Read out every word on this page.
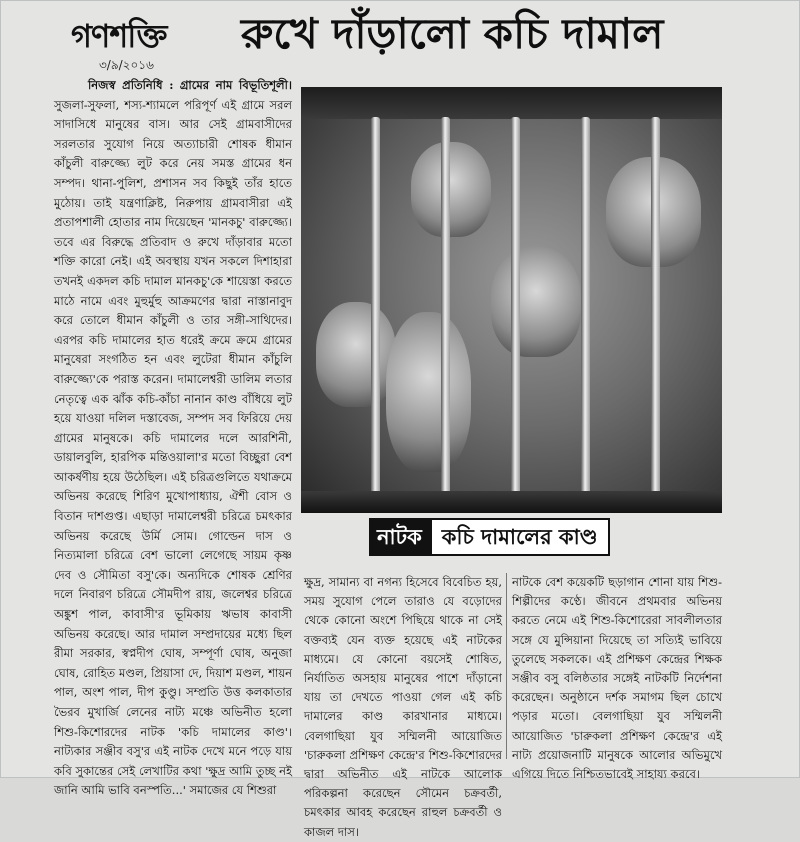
গণশক্তি
৩/৯/২০১৬
রুখে দাঁড়ালো কচি দামাল
নিজস্ব প্রতিনিধি : গ্রামের নাম বিভূতিশূলী। সুজলা-সুফলা, শস্য-শ্যামলে পরিপূর্ণ এই গ্রামে সরল সাদাসিধে মানুষের বাস। আর সেই গ্রামবাসীদের সরলতার সুযোগ নিয়ে অত্যাচারী শোষক ধীমান কাঁচুলী বারুজ্জ্যে লুট করে নেয় সমস্ত গ্রামের ধন সম্পদ। থানা-পুলিশ, প্রশাসন সব কিছুই তাঁর হাতে মুঠোয়। তাই যন্ত্রণাক্লিষ্ট, নিরুপায় গ্রামবাসীরা এই প্রতাপশালী হোতার নাম দিয়েছেন 'মানকচু' বারুজ্জ্যে। তবে এর বিরুদ্ধে প্রতিবাদ ও রুখে দাঁড়াবার মতো শক্তি কারো নেই। এই অবস্থায় যখন সকলে দিশাহারা তখনই একদল কচি দামাল মানকচু'কে শায়েস্তা করতে মাঠে নামে এবং মুহুর্মুহু আক্রমণের দ্বারা নাস্তানাবুদ করে তোলে ধীমান কাঁচুলী ও তার সঙ্গী-সাথিদের। এরপর কচি দামালের হাত ধরেই ক্রমে ক্রমে গ্রামের মানুষেরা সংগঠিত হন এবং লুটেরা ধীমান কাঁচুলি বারুজ্জ্যে'কে পরাস্ত করেন। দামালেশ্বরী ডালিম লতার নেতৃত্বে এক ঝাঁক কচি-কাঁচা নানান কাণ্ড বাঁধিয়ে লুট হয়ে যাওয়া দলিল দস্তাবেজ, সম্পদ সব ফিরিয়ে দেয় গ্রামের মানুষকে। কচি দামালের দলে আরশিনী, ডায়ালবুলি, হারপিক মন্তিওয়ালা'র মতো বিচ্ছুরা বেশ আকর্ষণীয় হয়ে উঠেছিল। এই চরিত্রগুলিতে যথাক্রমে অভিনয় করেছে শিরিণ মুখোপাধ্যায়, ঐশী বোস ও বিতান দাশগুপ্ত। এছাড়া দামালেশ্বরী চরিত্রে চমৎকার অভিনয় করেছে উর্মি সোম। গোল্ডেন দাস ও নিত্যমালা চরিত্রে বেশ ভালো লেগেছে সায়ম কৃষ্ণ দেব ও সৌমিতা বসু'কে। অন্যদিকে শোষক শ্রেণির দলে নিবারণ চরিত্রে সৌমদীপ রায়, জলেশ্বর চরিত্রে অঙ্কুশ পাল, কাবাসী'র ভূমিকায় ঋভাষ কাবাসী অভিনয় করেছে। আর দামাল সম্প্রদায়ের মধ্যে ছিল রীমা সরকার, স্বপ্নদীপ ঘোষ, সম্পূর্ণা ঘোষ, অনুজা ঘোষ, রোহিত মণ্ডল, প্রিয়াসা দে, দিয়াশ মণ্ডল, শায়ন পাল, অংশ পাল, দীপ কুণ্ডু। সম্প্রতি উত্ত কলকাতার ভৈরব মুখার্জি লেনের নাট্য মঞ্চে অভিনীত হলো শিশু-কিশোরদের নাটক 'কচি দামালের কাণ্ড'। নাট্যকার সঞ্জীব বসু'র এই নাটক দেখে মনে পড়ে যায় কবি সুকান্তের সেই লেখাটির কথা 'ক্ষুদ্র আমি তুচ্ছ নই জানি আমি ভাবি বনস্পতি...' সমাজের যে শিশুরা
নাটক কচি দামালের কাণ্ড
ক্ষুদ্র, সামান্য বা নগন্য হিসেবে বিবেচিত হয়, সময় সুযোগ পেলে তারাও যে বড়োদের থেকে কোনো অংশে পিছিয়ে থাকে না সেই বক্তব্যই যেন ব্যক্ত হয়েছে এই নাটকের মাধ্যমে। যে কোনো বয়সেই শোষিত, নির্যাতিত অসহায় মানুষের পাশে দাঁড়ানো যায় তা দেখতে পাওয়া গেল এই কচি দামালের কাণ্ড কারখানার মাধ্যমে। বেলগাছিয়া যুব সম্মিলনী আয়োজিত 'চারুকলা প্রশিক্ষণ কেন্দ্রে'র শিশু-কিশোরদের দ্বারা অভিনীত এই নাটকে আলোক পরিকল্পনা করেছেন সৌমেন চক্রবর্তী, চমৎকার আবহ করেছেন রাহুল চক্রবর্তী ও কাজল দাস।
নাটকে বেশ কয়েকটি ছড়াগান শোনা যায় শিশু-শিল্পীদের কণ্ঠে। জীবনে প্রথমবার অভিনয় করতে নেমে এই শিশু-কিশোরেরা সাবলীলতার সঙ্গে যে মুন্সিয়ানা দিয়েছে তা সত্যিই ভাবিয়ে তুলেছে সকলকে। এই প্রশিক্ষণ কেন্দ্রের শিক্ষক সঞ্জীব বসু বলিষ্ঠতার সঙ্গেই নাটকটি নির্দেশনা করেছেন। অনুষ্ঠানে দর্শক সমাগম ছিল চোখে পড়ার মতো। বেলগাছিয়া যুব সম্মিলনী আয়োজিত 'চারুকলা প্রশিক্ষণ কেন্দ্রে'র এই নাট্য প্রয়োজনাটি মানুষকে আলোর অভিমুখে এগিয়ে দিতে নিশ্চিতভাবেই সাহায্য করবে।
